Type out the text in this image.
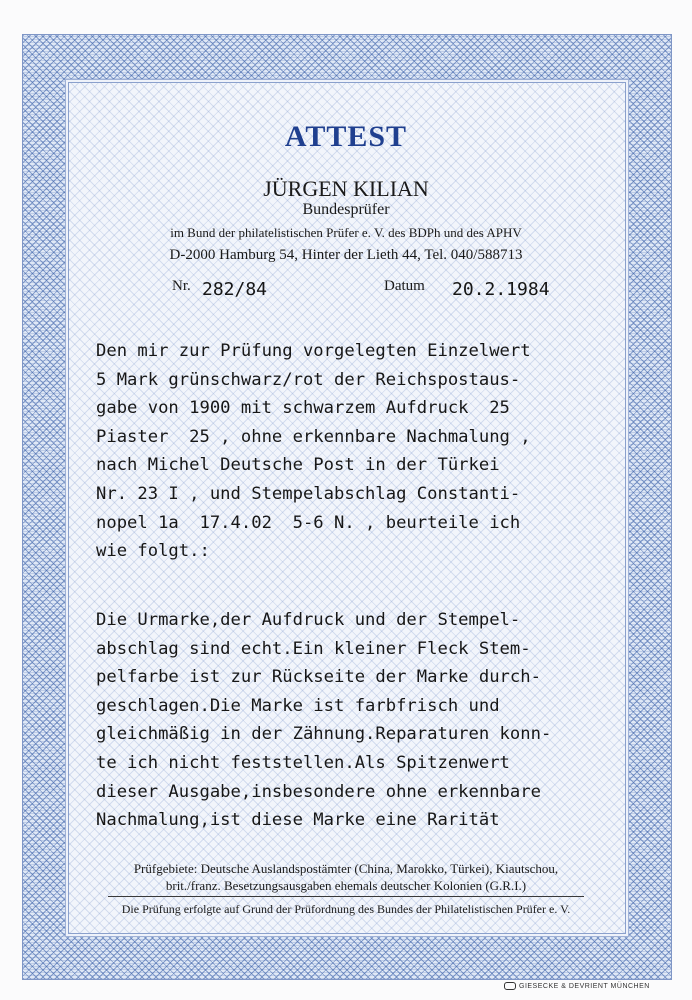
ATTEST
JÜRGEN KILIAN
Bundesprüfer
im Bund der philatelistischen Prüfer e. V. des BDPh und des APHV
D-2000 Hamburg 54, Hinter der Lieth 44, Tel. 040/588713
Nr. 282/84	Datum 20.2.1984
Den mir zur Prüfung vorgelegten Einzelwert
5 Mark grünschwarz/rot der Reichspostaus-
gabe von 1900 mit schwarzem Aufdruck  25
Piaster  25 , ohne erkennbare Nachmalung ,
nach Michel Deutsche Post in der Türkei
Nr. 23 I , und Stempelabschlag Constanti-
nopel 1a  17.4.02  5-6 N. , beurteile ich
wie folgt.:
Die Urmarke,der Aufdruck und der Stempel-
abschlag sind echt.Ein kleiner Fleck Stem-
pelfarbe ist zur Rückseite der Marke durch-
geschlagen.Die Marke ist farbfrisch und
gleichmäßig in der Zähnung.Reparaturen konn-
te ich nicht feststellen.Als Spitzenwert
dieser Ausgabe,insbesondere ohne erkennbare
Nachmalung,ist diese Marke eine Rarität
Prüfgebiete: Deutsche Auslandspostämter (China, Marokko, Türkei), Kiautschou,
brit./franz. Besetzungsausgaben ehemals deutscher Kolonien (G.R.I.)
Die Prüfung erfolgte auf Grund der Prüfordnung des Bundes der Philatelistischen Prüfer e. V.
GIESECKE & DEVRIENT MÜNCHEN
